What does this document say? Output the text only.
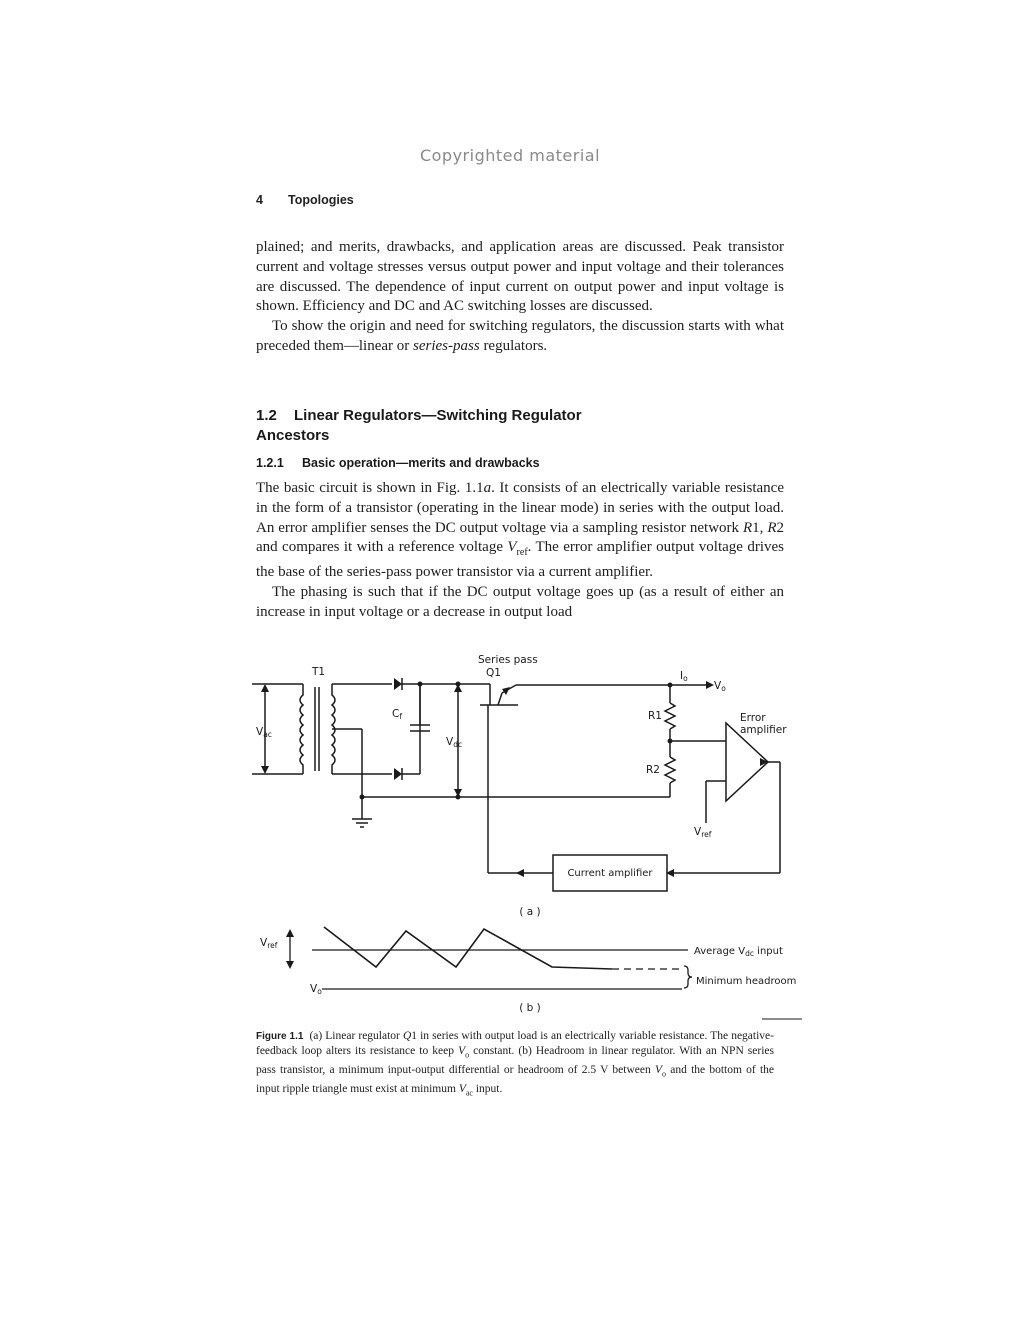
Copyrighted material
4 Topologies

plained; and merits, drawbacks, and application areas are discussed. Peak transistor current and voltage stresses versus output power and input voltage and their tolerances are discussed. The dependence of input current on output power and input voltage is shown. Efficiency and DC and AC switching losses are discussed.

To show the origin and need for switching regulators, the discussion starts with what preceded them—linear or series-pass regulators.

1.2 Linear Regulators—Switching Regulator Ancestors
1.2.1 Basic operation—merits and drawbacks

The basic circuit is shown in Fig. 1.1a. It consists of an electrically variable resistance in the form of a transistor (operating in the linear mode) in series with the output load. An error amplifier senses the DC output voltage via a sampling resistor network R1, R2 and compares it with a reference voltage $V_{ref}$. The error amplifier output voltage drives the base of the series-pass power transistor via a current amplifier.

The phasing is such that if the DC output voltage goes up (as a result of either an increase in input voltage or a decrease in output load

Series pass
Q1
T1	Io
Vo
Vac
Cf
Vdc
R1
R2
Error
amplifier
Vref
Current amplifier
( a )
Vref
Vo
Average $V_{dc}$ input
Minimum headroom
( b )
Figure 1.1 (a) Linear regulator Q1 in series with output load is an electrically variable resistance. The negative-feedback loop alters its resistance to keep $V_o$ constant. (b) Headroom in linear regulator. With an NPN series pass transistor, a minimum input-output differential or headroom of 2.5 V between $V_o$ and the bottom of the input ripple triangle must exist at minimum $V_{ac}$ input.
